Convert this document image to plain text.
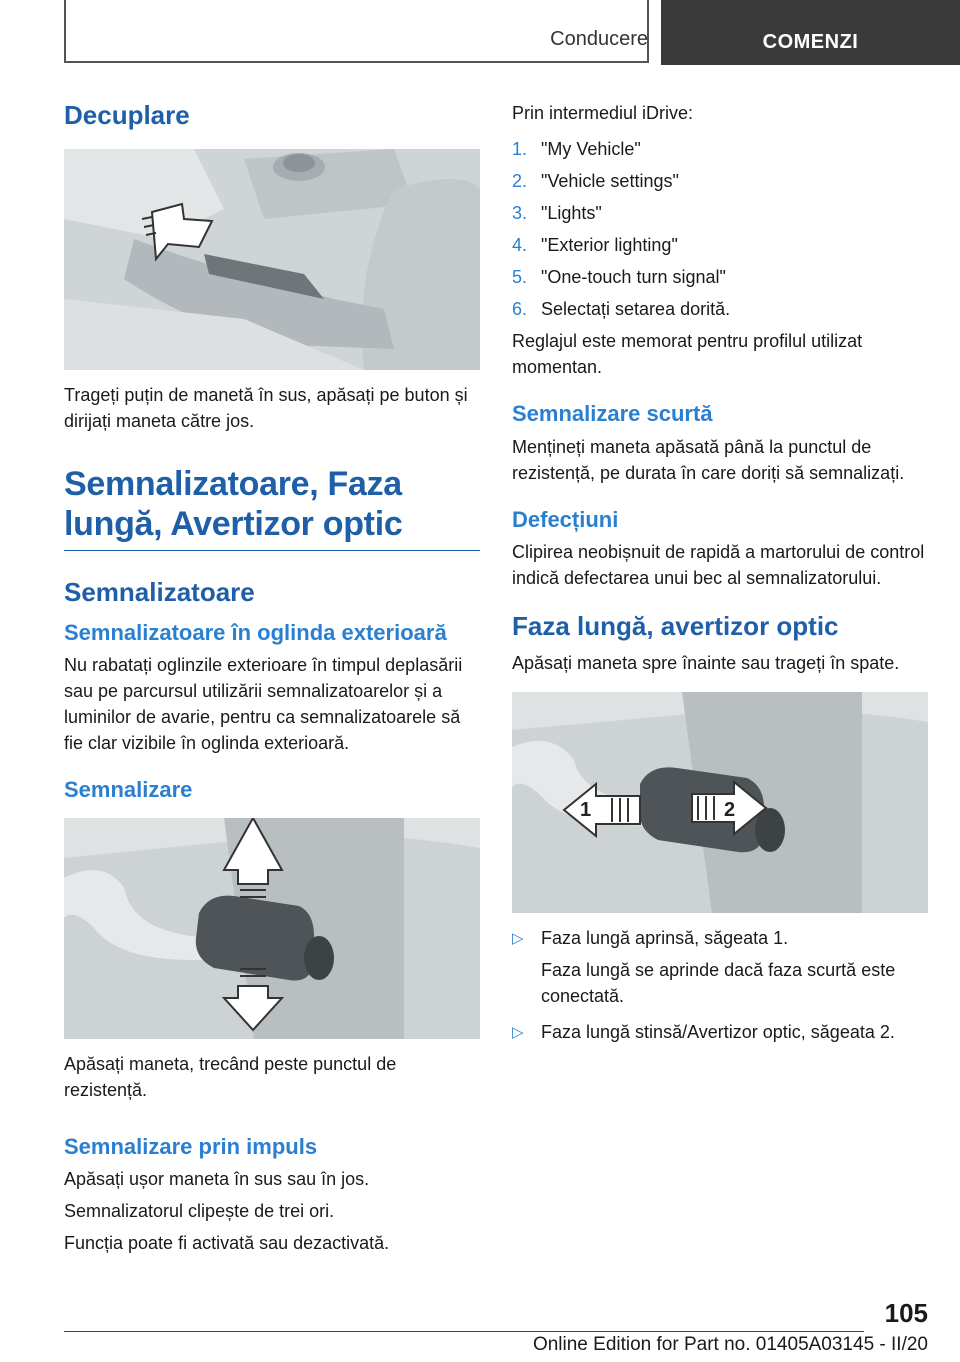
Conducere	COMENZI
Decuplare

Trageți puțin de manetă în sus, apăsați pe buton și dirijați maneta către jos.

Semnalizatoare, Faza lungă, Avertizor optic
Semnalizatoare
Semnalizatoare în oglinda exterioară

Nu rabatați oglinzile exterioare în timpul deplasării sau pe parcursul utilizării semnalizatoarelor și a luminilor de avarie, pentru ca semnalizatoarele să fie clar vizibile în oglinda exterioară.

Semnalizare

Apăsați maneta, trecând peste punctul de rezistență.

Semnalizare prin impuls

Apăsați ușor maneta în sus sau în jos.

Semnalizatorul clipește de trei ori.

Funcția poate fi activată sau dezactivată.

Prin intermediul iDrive:

1. "My Vehicle"
2. "Vehicle settings"
3. "Lights"
4. "Exterior lighting"
5. "One-touch turn signal"
6. Selectați setarea dorită.

Reglajul este memorat pentru profilul utilizat momentan.

Semnalizare scurtă

Mențineți maneta apăsată până la punctul de rezistență, pe durata în care doriți să semnalizați.

Defecțiuni

Clipirea neobișnuit de rapidă a martorului de control indică defectarea unui bec al semnalizatorului.

Faza lungă, avertizor optic

Apăsați maneta spre înainte sau trageți în spate.

1	2
▷ Faza lungă aprinsă, săgeata 1.
Faza lungă se aprinde dacă faza scurtă este conectată.
▷ Faza lungă stinsă/Avertizor optic, săgeata 2.
105
Online Edition for Part no. 01405A03145 - II/20
